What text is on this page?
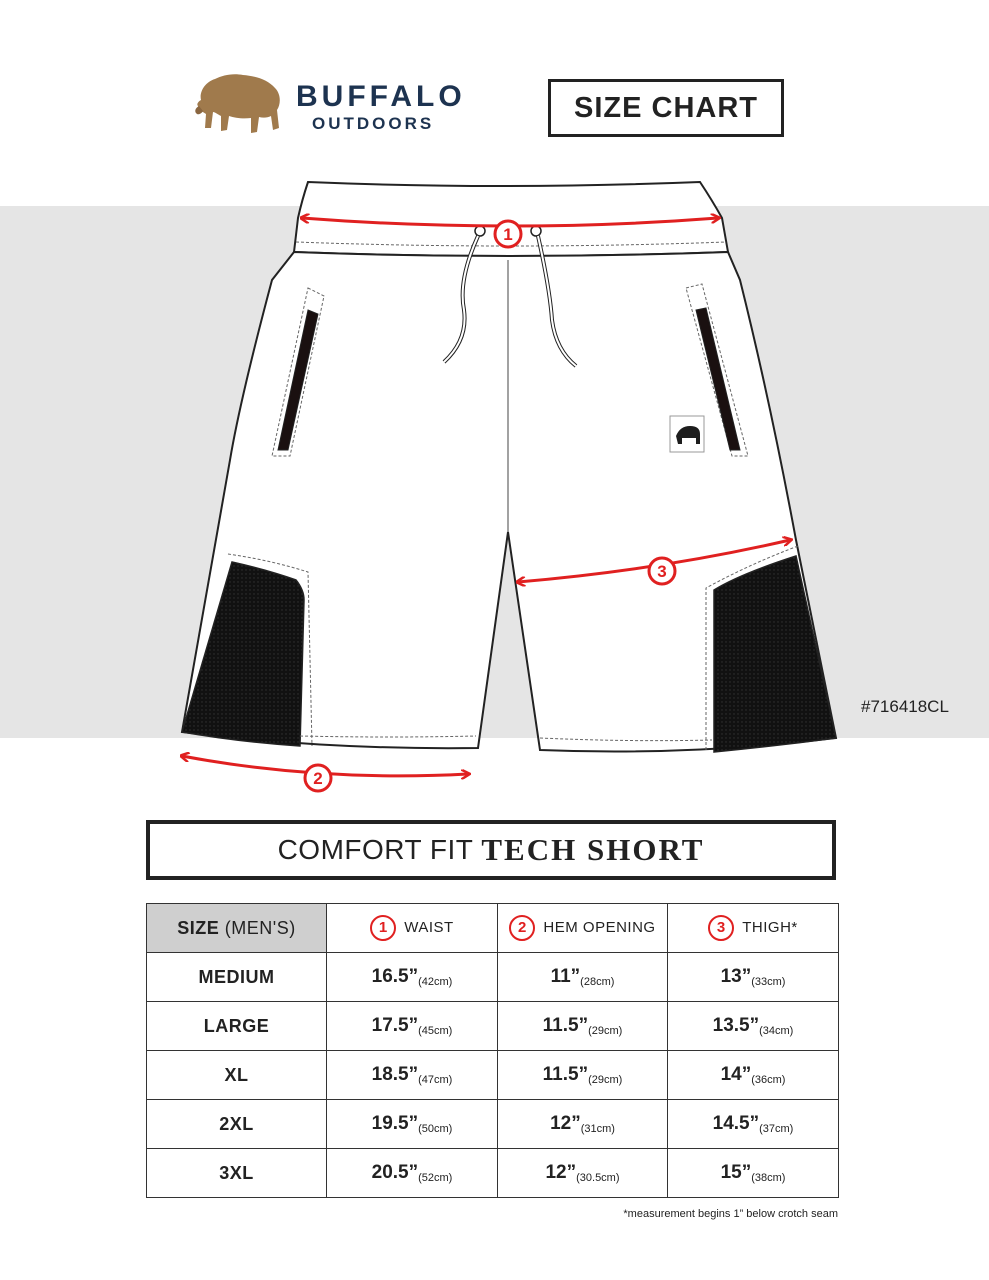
BUFFALO
OUTDOORS	SIZE CHART
1
2
3
#716418CL
COMFORT FIT TECH SHORT
SIZE (MEN'S)	1 WAIST	2 HEM OPENING	3 THIGH*
MEDIUM	16.5”(42cm)	11”(28cm)	13”(33cm)
LARGE	17.5”(45cm)	11.5”(29cm)	13.5”(34cm)
XL	18.5”(47cm)	11.5”(29cm)	14”(36cm)
2XL	19.5”(50cm)	12”(31cm)	14.5”(37cm)
3XL	20.5”(52cm)	12”(30.5cm)	15”(38cm)
*measurement begins 1” below crotch seam
